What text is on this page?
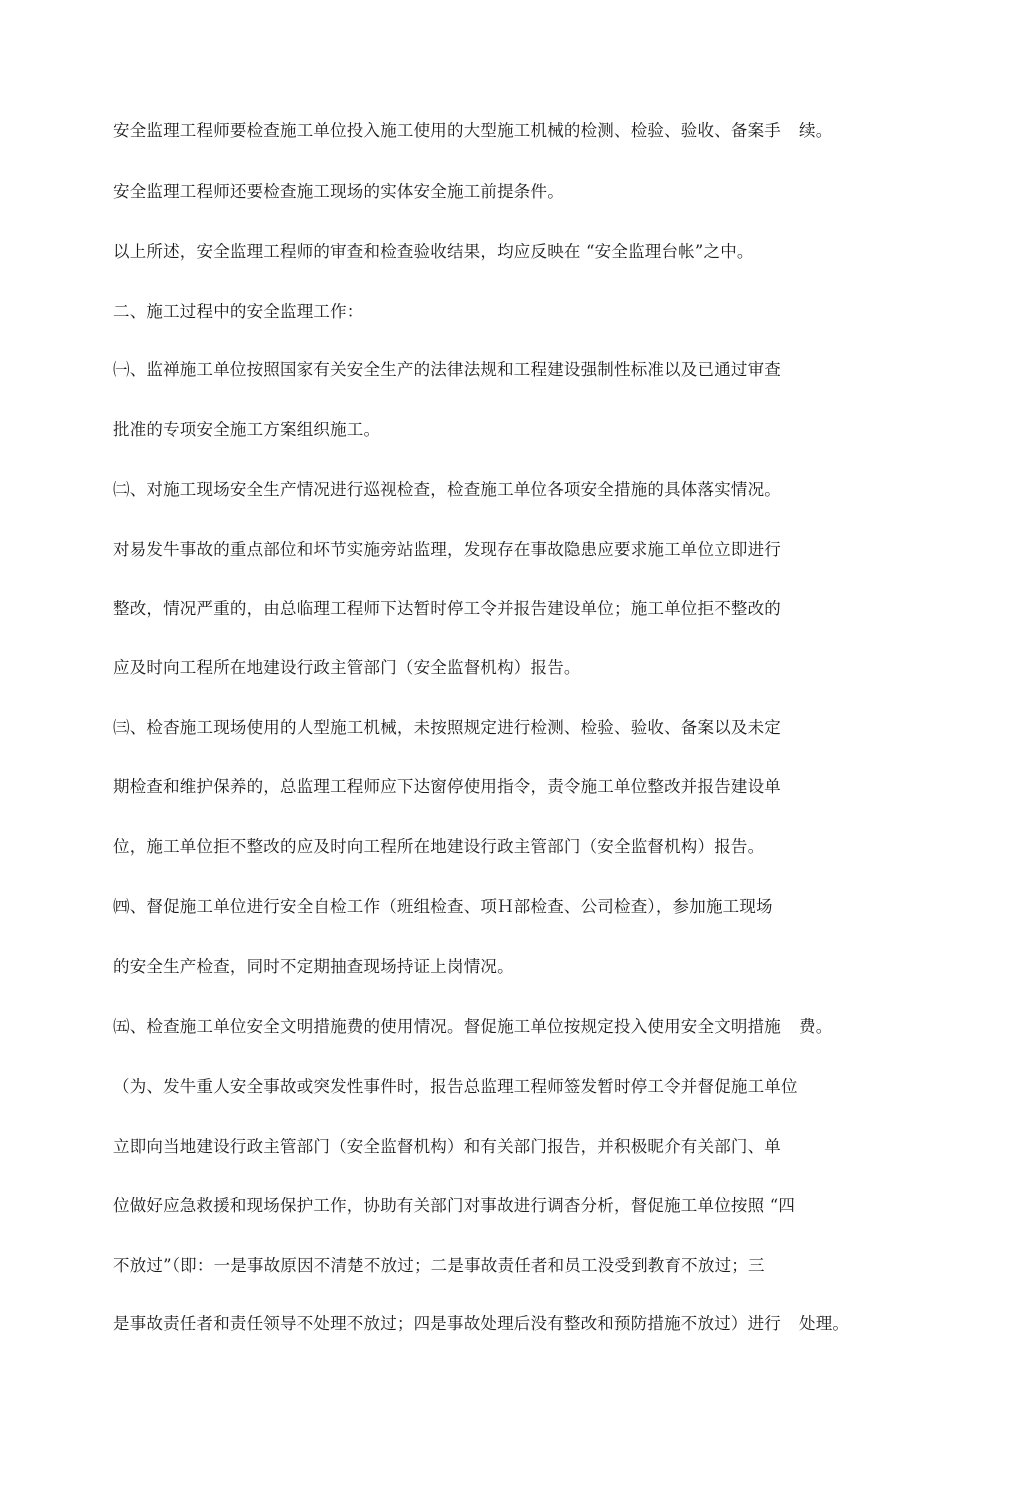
安全监理工程师要检查施工单位投入施工使用的大型施工机械的检测、检验、验收、备案手 续。
安全监理工程师还要检查施工现场的实体安全施工前提条件。
以上所述，安全监理工程师的审查和检查验收结果，均应反映在 “安全监理台帐”之中。
二、施工过程中的安全监理工作：
㈠、监禅施工单位按照国家有关安全生产的法律法规和工程建设强制性标准以及已通过审查
批准的专项安全施工方案组织施工。
㈡、对施工现场安全生产情况进行巡视检查，检查施工单位各项安全措施的具体落实情况。
对易发牛事故的重点部位和坏节实施旁站监理，发现存在事故隐患应要求施工单位立即进行
整改，情况严重的，由总临理工程师下达暂时停工令并报告建设单位；施工单位拒不整改的
应及时向工程所在地建设行政主管部门（安全监督机构）报告。
㈢、检杳施工现场使用的人型施工机械，未按照规定进行检测、检验、验收、备案以及未定
期检查和维护保养的，总监理工程师应下达窗停使用指令，责令施工单位整改并报告建设单
位，施工单位拒不整改的应及时向工程所在地建设行政主管部门（安全监督机构）报告。
㈣、督促施工单位进行安全自检工作（班组检查、项Ｈ部检查、公司检查），参加施工现场
的安全生产检查，同时不定期抽查现场持证上岗情况。
㈤、检查施工单位安全文明措施费的使用情况。督促施工单位按规定投入使用安全文明措施 费。
（为、发牛重人安全事故或突发性事件时，报告总监理工程师签发暂时停工令并督促施工单位
立即向当地建设行政主管部门（安全监督机构）和有关部门报告，并积极昵介有关部门、单
位做好应急救援和现场保护工作，协助有关部门对事故进行调杳分析，督促施工单位按照 “四
不放过”（即：一是事故原因不清楚不放过；二是事故责任者和员工没受到教育不放过；三
是事故责任者和责任领导不处理不放过；四是事故处理后没有整改和预防措施不放过）进行 处理。
